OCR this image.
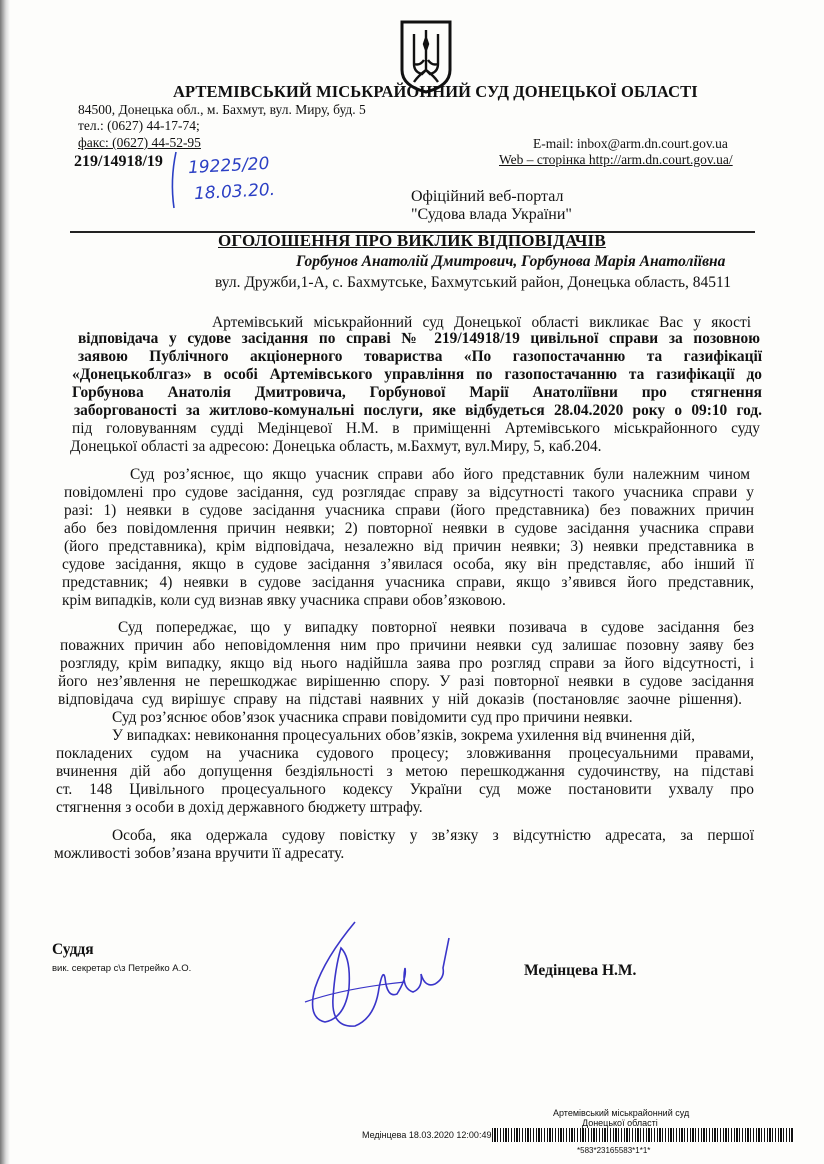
АРТЕМІВСЬКИЙ МІСЬКРАЙОННИЙ СУД ДОНЕЦЬКОЇ ОБЛАСТІ
84500, Донецька обл., м. Бахмут, вул. Миру, буд. 5
тел.: (0627) 44-17-74;
факс: (0627) 44-52-95	E-mail: inbox@arm.dn.court.gov.ua
Web – сторінка http://arm.dn.court.gov.ua/
219/14918/19 19225/20
18.03.20.	Офіційний веб-портал
"Судова влада України"
ОГОЛОШЕННЯ ПРО ВИКЛИК ВІДПОВІДАЧІВ
Горбунов Анатолій Дмитрович, Горбунова Марія Анатоліївна
вул. Дружби,1-А, с. Бахмутське, Бахмутський район, Донецька область, 84511
Артемівський міськрайонний суд Донецької області викликає Вас у якості
відповідача у судове засідання по справі № 219/14918/19 цивільної справи за позовною
заявою Публічного акціонерного товариства «По газопостачанню та газифікації
«Донецькоблгаз» в особі Артемівського управління по газопостачанню та газифікації до
Горбунова Анатолія Дмитровича, Горбунової Марії Анатоліївни про стягнення
заборгованості за житлово-комунальні послуги, яке відбудеться 28.04.2020 року о 09:10 год.
під головуванням судді Медінцевої Н.М. в приміщенні Артемівського міськрайонного суду
Донецької області за адресою: Донецька область, м.Бахмут, вул.Миру, 5, каб.204.
Суд роз’яснює, що якщо учасник справи або його представник були належним чином
повідомлені про судове засідання, суд розглядає справу за відсутності такого учасника справи у
разі: 1) неявки в судове засідання учасника справи (його представника) без поважних причин
або без повідомлення причин неявки; 2) повторної неявки в судове засідання учасника справи
(його представника), крім відповідача, незалежно від причин неявки; 3) неявки представника в
судове засідання, якщо в судове засідання з’явилася особа, яку він представляє, або інший її
представник; 4) неявки в судове засідання учасника справи, якщо з’явився його представник,
крім випадків, коли суд визнав явку учасника справи обов’язковою.
Суд попереджає, що у випадку повторної неявки позивача в судове засідання без
поважних причин або неповідомлення ним про причини неявки суд залишає позовну заяву без
розгляду, крім випадку, якщо від нього надійшла заява про розгляд справи за його відсутності, і
його нез’явлення не перешкоджає вирішенню спору. У разі повторної неявки в судове засідання
відповідача суд вирішує справу на підставі наявних у ній доказів (постановляє заочне рішення).
Суд роз’яснює обов’язок учасника справи повідомити суд про причини неявки.
У випадках: невиконання процесуальних обов’язків, зокрема ухилення від вчинення дій,
покладених судом на учасника судового процесу; зловживання процесуальними правами,
вчинення дій або допущення бездіяльності з метою перешкоджання судочинству, на підставі
ст. 148 Цивільного процесуального кодексу України суд може постановити ухвалу про
стягнення з особи в дохід державного бюджету штрафу.
Особа, яка одержала судову повістку у зв’язку з відсутністю адресата, за першої
можливості зобов’язана вручити її адресату.
Суддя
вик. секретар с\з Петрейко А.О.	Медінцева Н.М.
Артемівський міськрайонний суд
Донецької області
Медінцева 18.03.2020 12:00:49
*583*23165583*1*1*
